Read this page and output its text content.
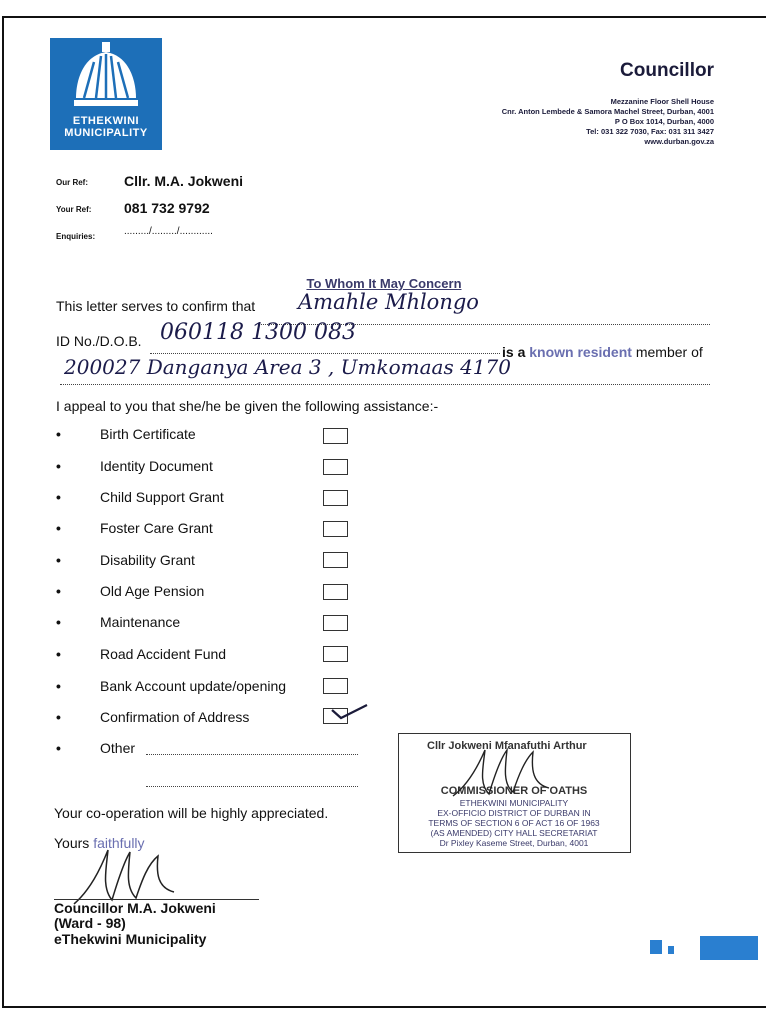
ETHEKWINI
MUNICIPALITY
Councillor
Mezzanine Floor Shell House
Cnr. Anton Lembede & Samora Machel Street, Durban, 4001
P O Box 1014, Durban, 4000
Tel: 031 322 7030, Fax: 031 311 3427
www.durban.gov.za
Our Ref:	Cllr. M.A. Jokweni
Your Ref: 081 732 9792
Enquiries:	........./........./............
To Whom It May Concern
This letter serves to confirm that Amahle Mhlongo
ID No./D.O.B. 060118 1300 083
is a known resident member of
200027 Danganya Area 3 , Umkomaas 4170
I appeal to you that she/he be given the following assistance:-
•	Birth Certificate
•	Identity Document
•	Child Support Grant
•	Foster Care Grant
•	Disability Grant
•	Old Age Pension
•	Maintenance
•	Road Accident Fund
•	Bank Account update/opening
•	Confirmation of Address
•	Other	Cllr Jokweni Mfanafuthi Arthur
COMMISSIONER OF OATHS
ETHEKWINI MUNICIPALITY
EX-OFFICIO DISTRICT OF DURBAN IN
TERMS OF SECTION 6 OF ACT 16 OF 1963
(AS AMENDED) CITY HALL SECRETARIAT
Dr Pixley Kaseme Street, Durban, 4001
Your co-operation will be highly appreciated.
Yours faithfully
Councillor M.A. Jokweni
(Ward - 98)
eThekwini Municipality
